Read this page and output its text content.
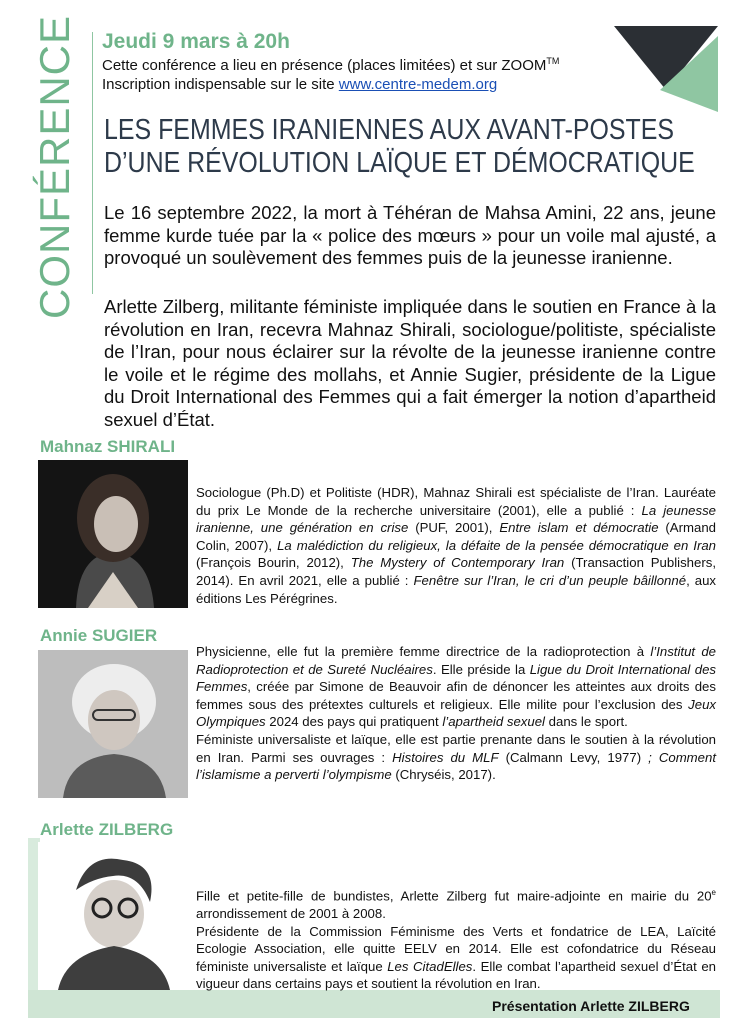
CONFÉRENCE Jeudi 9 mars à 20h
Cette conférence a lieu en présence (places limitées) et sur ZOOM™
Inscription indispensable sur le site www.centre-medem.org
LES FEMMES IRANIENNES AUX AVANT-POSTES
D’UNE RÉVOLUTION LAÏQUE ET DÉMOCRATIQUE
Le 16 septembre 2022, la mort à Téhéran de Mahsa Amini, 22 ans, jeune femme kurde tuée par la « police des mœurs » pour un voile mal ajusté, a provoqué un soulèvement des femmes puis de la jeunesse iranienne.
Arlette Zilberg, militante féministe impliquée dans le soutien en France à la révolution en Iran, recevra Mahnaz Shirali, sociologue/politiste, spécialiste de l’Iran, pour nous éclairer sur la révolte de la jeunesse iranienne contre le voile et le régime des mollahs, et Annie Sugier, présidente de la Ligue du Droit International des Femmes qui a fait émerger la notion d’apartheid sexuel d’État.
Mahnaz SHIRALI
Sociologue (Ph.D) et Politiste (HDR), Mahnaz Shirali est spécialiste de l’Iran. Lauréate du prix Le Monde de la recherche universitaire (2001), elle a publié : La jeunesse iranienne, une génération en crise (PUF, 2001), Entre islam et démocratie (Armand Colin, 2007), La malédiction du religieux, la défaite de la pensée démocratique en Iran (François Bourin, 2012), The Mystery of Contemporary Iran (Transaction Publishers, 2014). En avril 2021, elle a publié : Fenêtre sur l’Iran, le cri d’un peuple bâillonné, aux éditions Les Pérégrines.
Annie SUGIER
Physicienne, elle fut la première femme directrice de la radioprotection à l’Institut de Radioprotection et de Sureté Nucléaires. Elle préside la Ligue du Droit International des Femmes, créée par Simone de Beauvoir afin de dénoncer les atteintes aux droits des femmes sous des prétextes culturels et religieux. Elle milite pour l’exclusion des Jeux Olympiques 2024 des pays qui pratiquent l’apartheid sexuel dans le sport.
Féministe universaliste et laïque, elle est partie prenante dans le soutien à la révolution en Iran. Parmi ses ouvrages : Histoires du MLF (Calmann Levy, 1977) ; Comment l’islamisme a perverti l’olympisme (Chryséis, 2017).
Arlette ZILBERG
Fille et petite-fille de bundistes, Arlette Zilberg fut maire-adjointe en mairie du 20e arrondissement de 2001 à 2008.
Présidente de la Commission Féminisme des Verts et fondatrice de LEA, Laïcité Ecologie Association, elle quitte EELV en 2014. Elle est cofondatrice du Réseau féministe universaliste et laïque Les CitadElles. Elle combat l’apartheid sexuel d’État en vigueur dans certains pays et soutient la révolution en Iran.
Présentation Arlette ZILBERG
